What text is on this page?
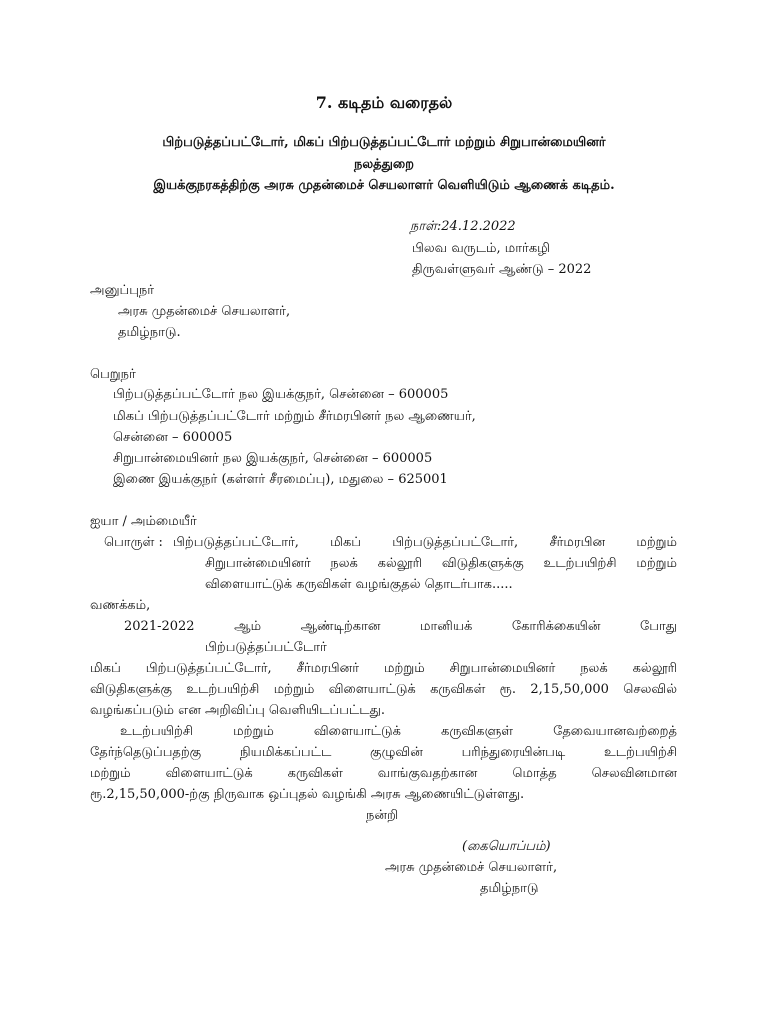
7. கடிதம் வரைதல்
பிற்படுத்தப்பட்டோர், மிகப் பிற்படுத்தப்பட்டோர் மற்றும் சிறுபான்மையினர்
நலத்துறை
இயக்குநரகத்திற்கு அரசு முதன்மைச் செயலாளர் வெளியிடும் ஆணைக் கடிதம்.
நாள்:24.12.2022
பிலவ வருடம், மார்கழி
திருவள்ளுவர் ஆண்டு – 2022
அனுப்புநர்
அரசு முதன்மைச் செயலாளர்,
தமிழ்நாடு.
பெறுநர்
பிற்படுத்தப்பட்டோர் நல இயக்குநர், சென்னை – 600005
மிகப் பிற்படுத்தப்பட்டோர் மற்றும் சீர்மரபினர் நல ஆணையர்,
சென்னை – 600005
சிறுபான்மையினர் நல இயக்குநர், சென்னை – 600005
இணை இயக்குநர் (கள்ளர் சீரமைப்பு), மதுலை – 625001
ஐயா / அம்மையீர்
பொருள் : பிற்படுத்தப்பட்டோர், மிகப் பிற்படுத்தப்பட்டோர், சீர்மரபின மற்றும்
சிறுபான்மையினர் நலக் கல்லூரி விடுதிகளுக்கு உடற்பயிற்சி மற்றும்
விளையாட்டுக் கருவிகள் வழங்குதல் தொடர்பாக.....
வணக்கம்,
2021-2022 ஆம் ஆண்டிற்கான மானியக் கோரிக்கையின் போது
பிற்படுத்தப்பட்டோர்
மிகப் பிற்படுத்தப்பட்டோர், சீர்மரபினர் மற்றும் சிறுபான்மையினர் நலக் கல்லூரி
விடுதிகளுக்கு உடற்பயிற்சி மற்றும் விளையாட்டுக் கருவிகள் ரூ. 2,15,50,000 செலவில்
வழங்கப்படும் என அறிவிப்பு வெளியிடப்பட்டது.
உடற்பயிற்சி மற்றும் விளையாட்டுக் கருவிகளுள் தேவையானவற்றைத்
தேர்ந்தெடுப்பதற்கு நியமிக்கப்பட்ட குழுவின் பரிந்துரையின்படி உடற்பயிற்சி
மற்றும் விளையாட்டுக் கருவிகள் வாங்குவதற்கான மொத்த செலவினமான
ரூ.2,15,50,000-ற்கு நிருவாக ஒப்புதல் வழங்கி அரசு ஆணையிட்டுள்ளது.
நன்றி
(கையொப்பம்)
அரசு முதன்மைச் செயலாளர்,
தமிழ்நாடு
